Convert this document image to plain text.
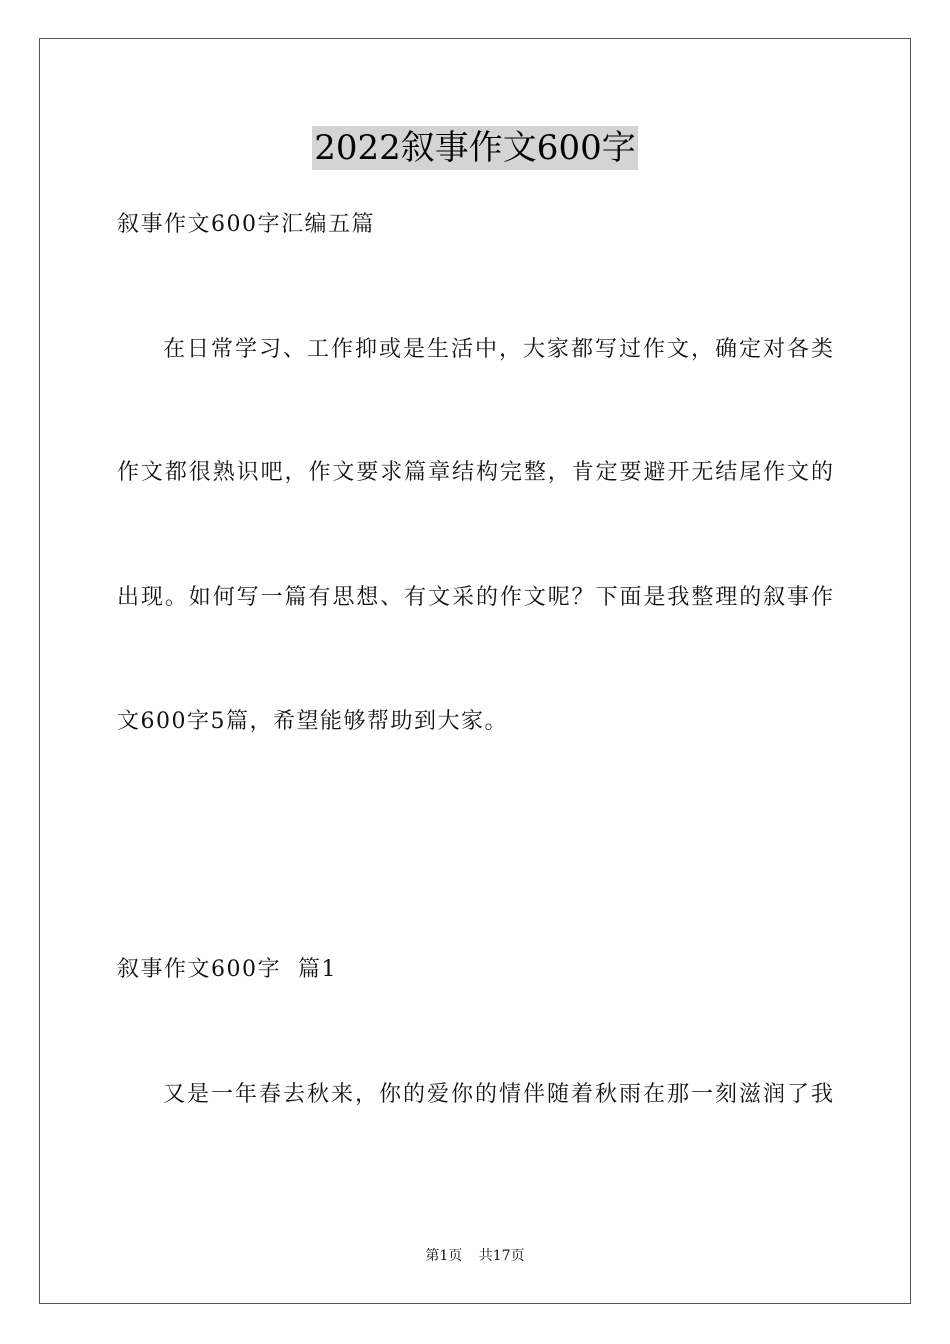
2022叙事作文600字
叙事作文600字汇编五篇
在日常学习、工作抑或是生活中，大家都写过作文，确定对各类
作文都很熟识吧，作文要求篇章结构完整，肯定要避开无结尾作文的
出现。如何写一篇有思想、有文采的作文呢？下面是我整理的叙事作
文600字5篇，希望能够帮助到大家。
叙事作文600字  篇1
又是一年春去秋来，你的爱你的情伴随着秋雨在那一刻滋润了我
第1页 共17页
